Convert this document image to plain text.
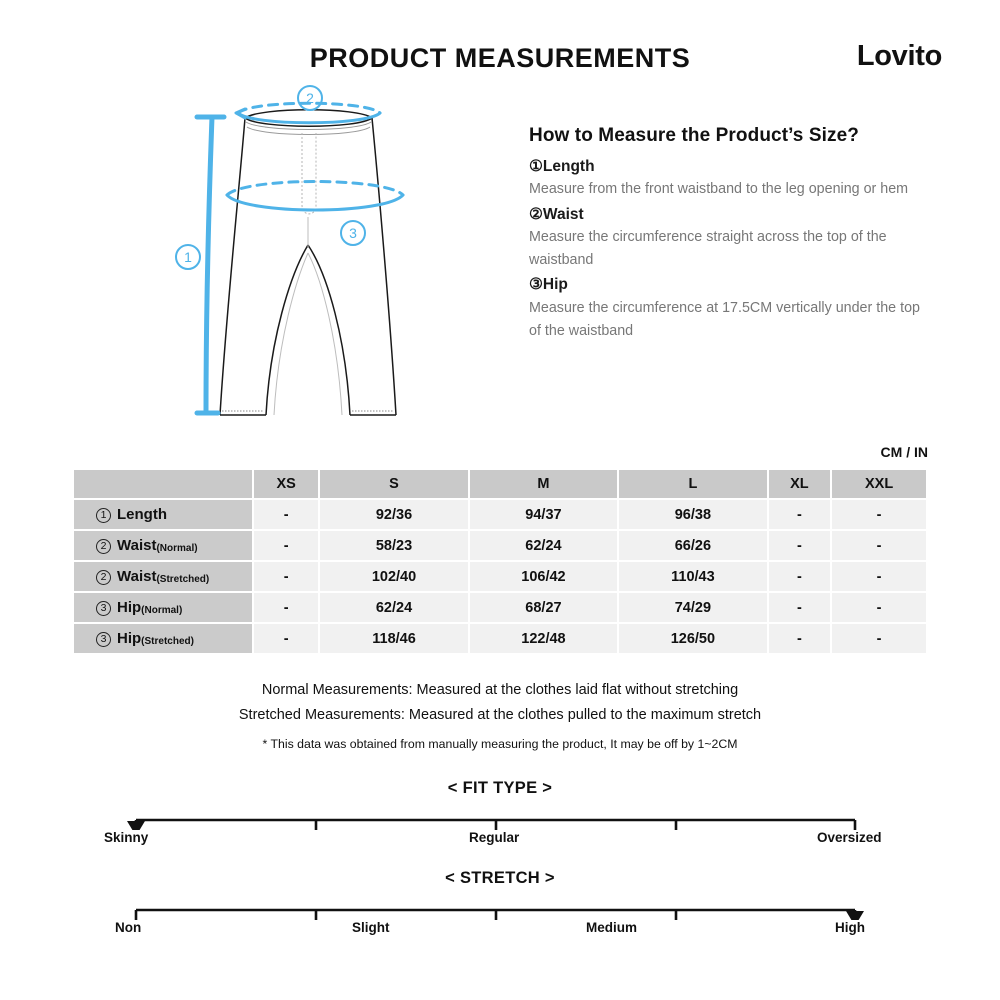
PRODUCT MEASUREMENTS	Lovito
2
3
1
How to Measure the Product’s Size?
①Length
Measure from the front waistband to the leg opening or hem
②Waist
Measure the circumference straight across the top of the waistband
③Hip
Measure the circumference at 17.5CM vertically under the top of the waistband
CM / IN
	XS	S	M	L	XL	XXL
1 Length	-	92/36	94/37	96/38	-	-
2 Waist(Normal)	-	58/23	62/24	66/26	-	-
2 Waist(Stretched)	-	102/40	106/42	110/43	-	-
3 Hip(Normal)	-	62/24	68/27	74/29	-	-
3 Hip(Stretched)	-	118/46	122/48	126/50	-	-
Normal Measurements: Measured at the clothes laid flat without stretching
Stretched Measurements: Measured at the clothes pulled to the maximum stretch
* This data was obtained from manually measuring the product, It may be off by 1~2CM
< FIT TYPE >
Skinny	Regular	Oversized
< STRETCH >
Non	Slight	Medium	High
